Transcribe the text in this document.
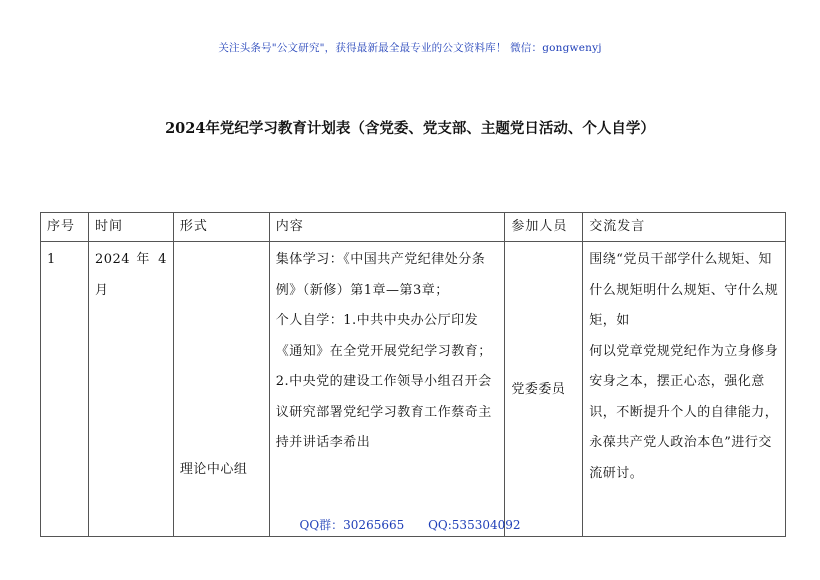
关注头条号"公文研究"，获得最新最全最专业的公文资料库！ 微信：gongwenyj
2024年党纪学习教育计划表（含党委、党支部、主题党日活动、个人自学）
序号	时间	形式	内容	参加人员	交流发言
1	2024 年 4 月	理论中心组	集体学习：《中国共产党纪律处分条例》（新修）第1章—第3章；
个人自学：1.中共中央办公厅印发《通知》在全党开展党纪学习教育；2.中央党的建设工作领导小组召开会议研究部署党纪学习教育工作蔡奇主持并讲话李希出	党委委员	围绕“党员干部学什么规矩、知什么规矩明什么规矩、守什么规矩，如
何以党章党规党纪作为立身修身安身之本，摆正心态，强化意识，不断提升个人的自律能力，永葆共产党人政治本色”进行交流研讨。
QQ群：30265665 QQ:535304092
